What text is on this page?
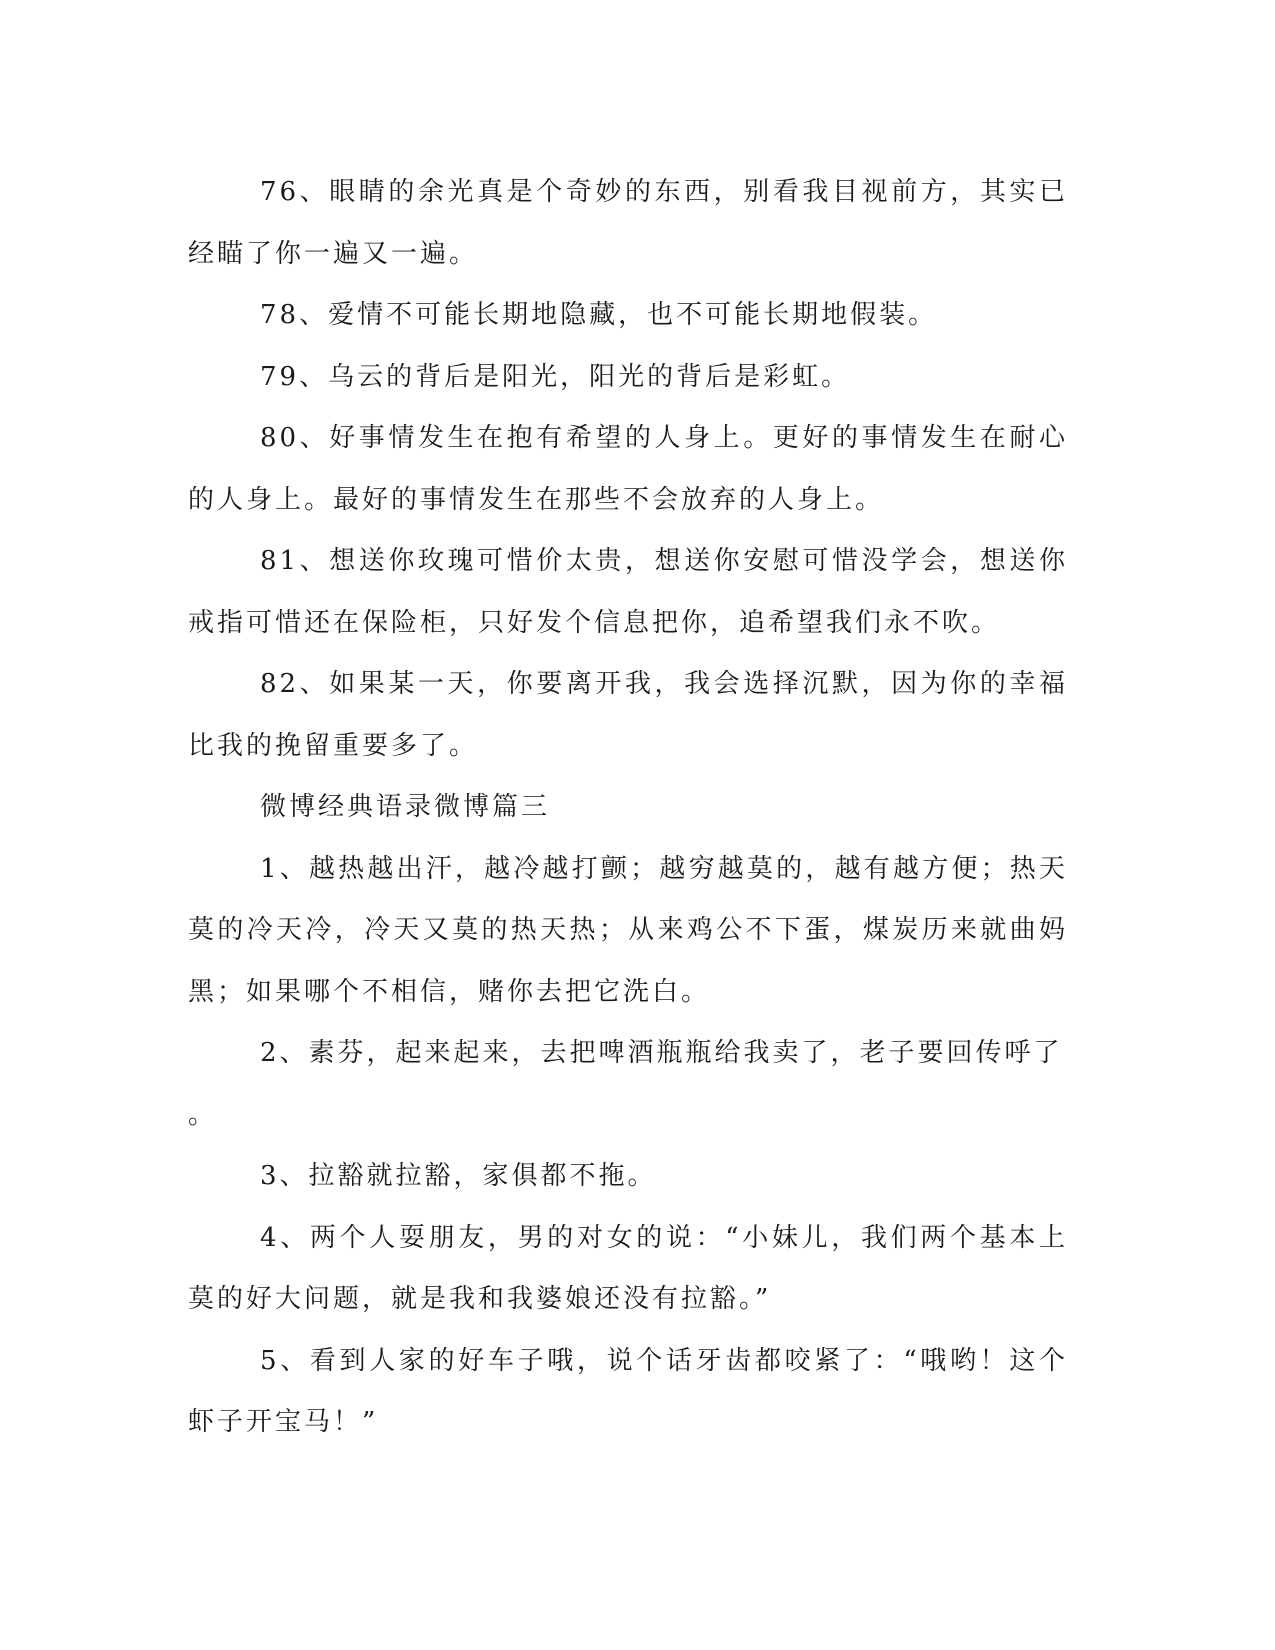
76、眼睛的余光真是个奇妙的东西，别看我目视前方，其实已经瞄了你一遍又一遍。

78、爱情不可能长期地隐藏，也不可能长期地假装。

79、乌云的背后是阳光，阳光的背后是彩虹。

80、好事情发生在抱有希望的人身上。更好的事情发生在耐心的人身上。最好的事情发生在那些不会放弃的人身上。

81、想送你玫瑰可惜价太贵，想送你安慰可惜没学会，想送你戒指可惜还在保险柜，只好发个信息把你，追希望我们永不吹。

82、如果某一天，你要离开我，我会选择沉默，因为你的幸福比我的挽留重要多了。

微博经典语录微博篇三

1、越热越出汗，越冷越打颤；越穷越莫的，越有越方便；热天莫的冷天冷，冷天又莫的热天热；从来鸡公不下蛋，煤炭历来就曲妈黑；如果哪个不相信，赌你去把它洗白。

2、素芬，起来起来，去把啤酒瓶瓶给我卖了，老子要回传呼了
。

3、拉豁就拉豁，家俱都不拖。

4、两个人耍朋友，男的对女的说：“小妹儿，我们两个基本上莫的好大问题，就是我和我婆娘还没有拉豁。”

5、看到人家的好车子哦，说个话牙齿都咬紧了：“哦哟！这个虾子开宝马！”
